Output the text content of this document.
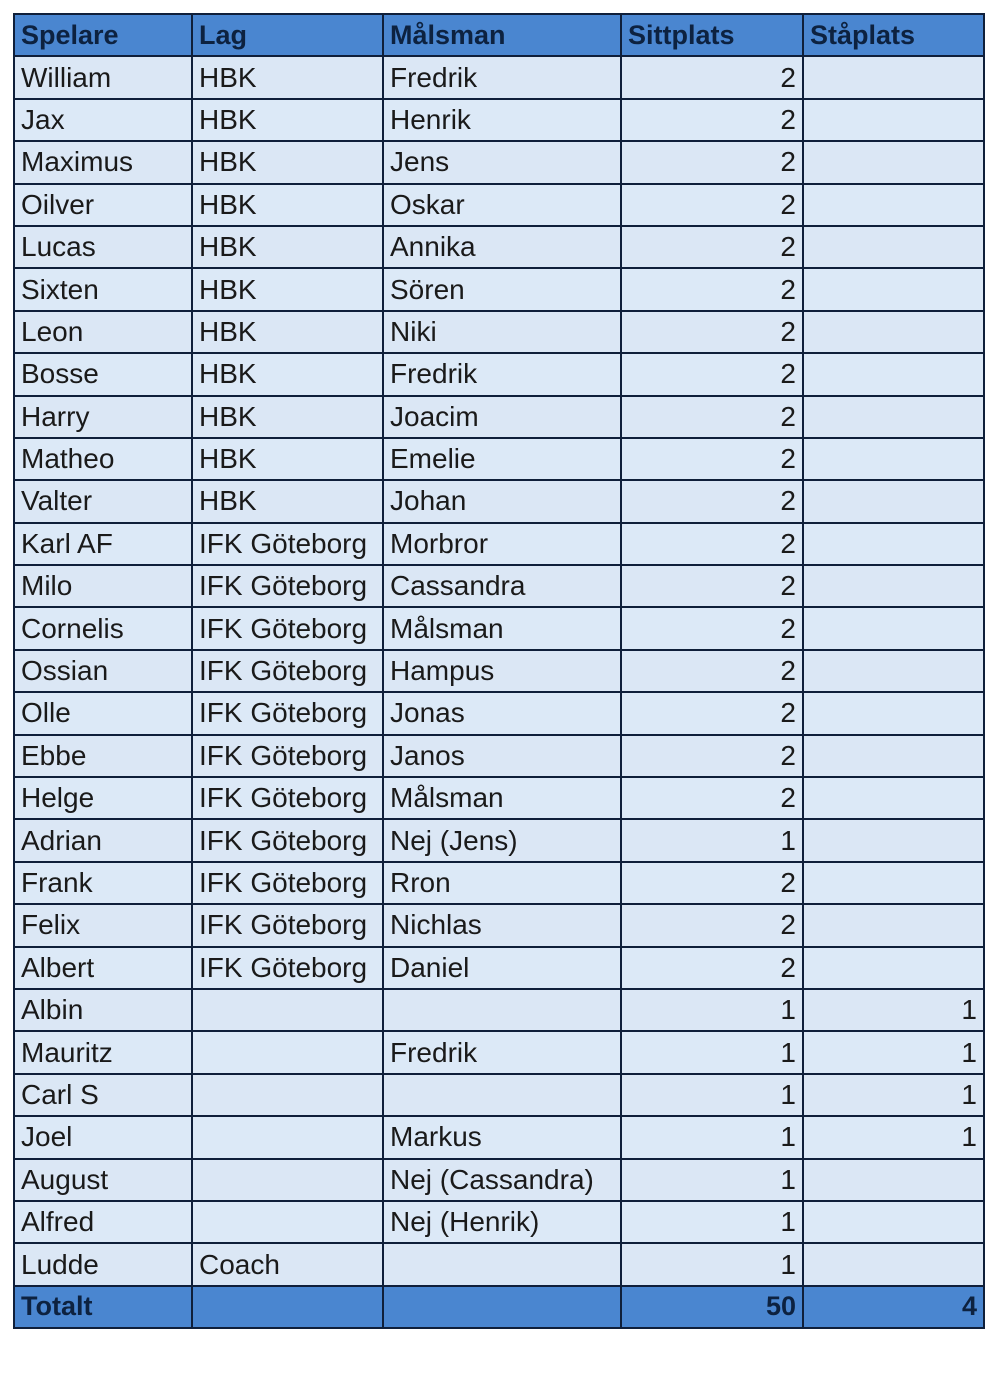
Spelare	Lag	Målsman	Sittplats	Ståplats
William	HBK	Fredrik	2	
Jax	HBK	Henrik	2	
Maximus	HBK	Jens	2	
Oilver	HBK	Oskar	2	
Lucas	HBK	Annika	2	
Sixten	HBK	Sören	2	
Leon	HBK	Niki	2	
Bosse	HBK	Fredrik	2	
Harry	HBK	Joacim	2	
Matheo	HBK	Emelie	2	
Valter	HBK	Johan	2	
Karl AF	IFK Göteborg	Morbror	2	
Milo	IFK Göteborg	Cassandra	2	
Cornelis	IFK Göteborg	Målsman	2	
Ossian	IFK Göteborg	Hampus	2	
Olle	IFK Göteborg	Jonas	2	
Ebbe	IFK Göteborg	Janos	2	
Helge	IFK Göteborg	Målsman	2	
Adrian	IFK Göteborg	Nej (Jens)	1	
Frank	IFK Göteborg	Rron	2	
Felix	IFK Göteborg	Nichlas	2	
Albert	IFK Göteborg	Daniel	2	
Albin			1	1
Mauritz		Fredrik	1	1
Carl S			1	1
Joel		Markus	1	1
August		Nej (Cassandra)	1	
Alfred		Nej (Henrik)	1	
Ludde	Coach		1	
Totalt			50	4
